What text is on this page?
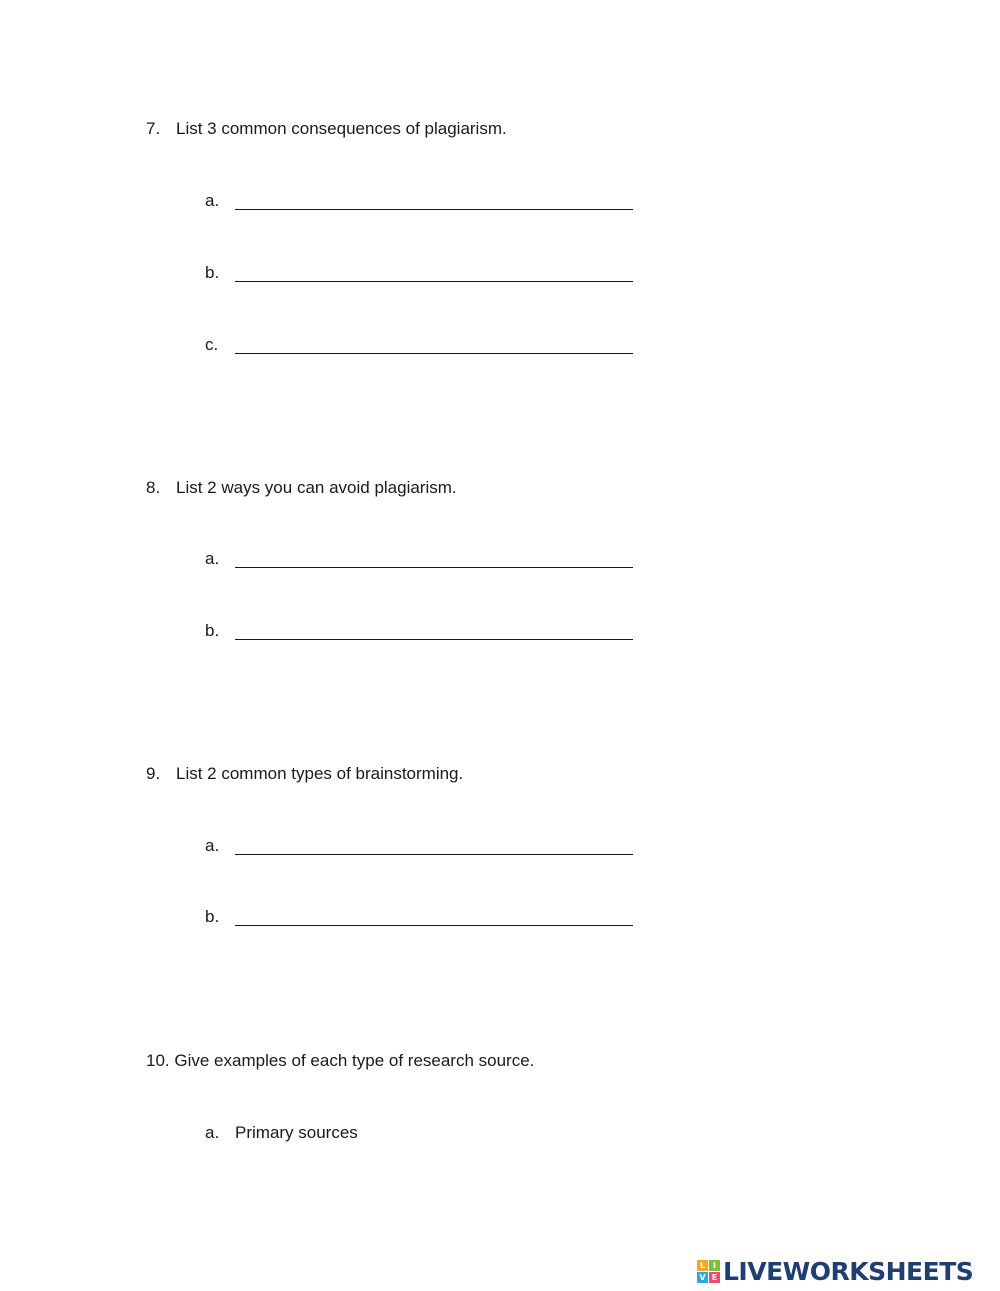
7. List 3 common consequences of plagiarism.
a.
b.
c.
8. List 2 ways you can avoid plagiarism.
a.
b.
9. List 2 common types of brainstorming.
a.
b.
10. Give examples of each type of research source.
a. Primary sources
L I
V E LIVEWORKSHEETS
